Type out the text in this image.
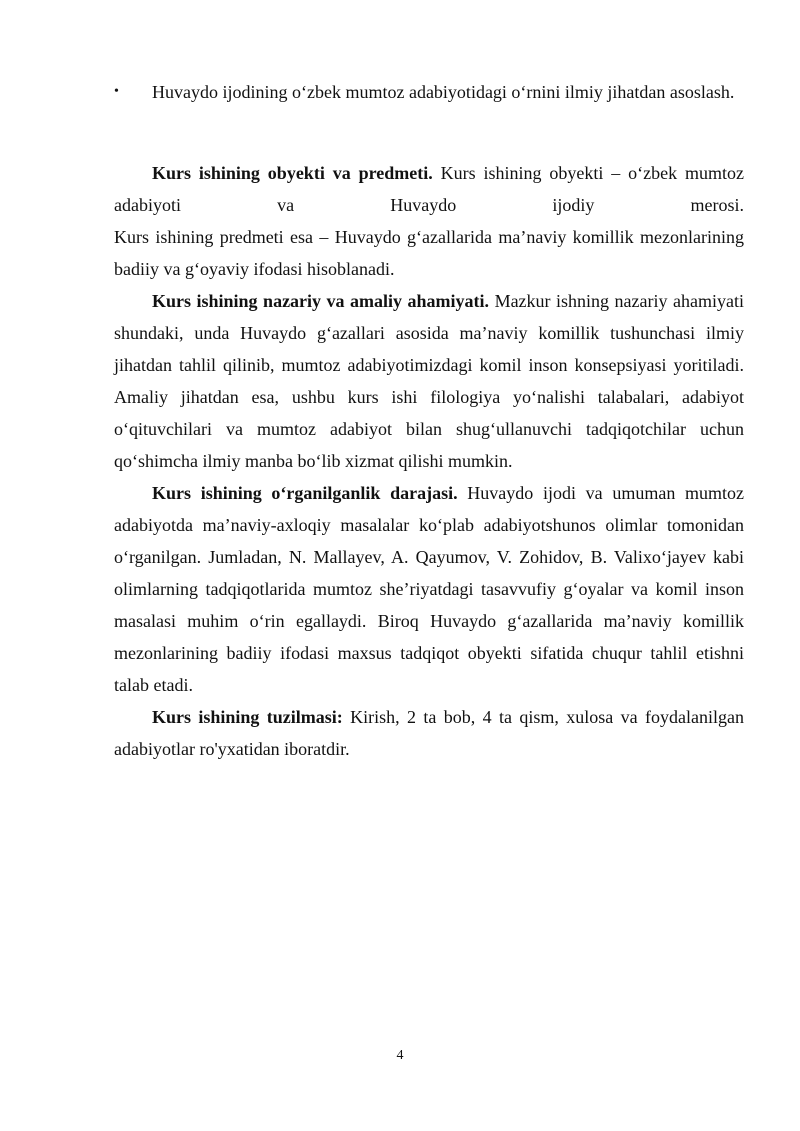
• Huvaydo ijodining o‘zbek mumtoz adabiyotidagi o‘rnini ilmiy jihatdan asoslash.

Kurs ishining obyekti va predmeti. Kurs ishining obyekti – o‘zbek mumtoz adabiyoti va Huvaydo ijodiy merosi.

Kurs ishining predmeti esa – Huvaydo g‘azallarida ma’naviy komillik mezonlarining badiiy va g‘oyaviy ifodasi hisoblanadi.

Kurs ishining nazariy va amaliy ahamiyati. Mazkur ishning nazariy ahamiyati shundaki, unda Huvaydo g‘azallari asosida ma’naviy komillik tushunchasi ilmiy jihatdan tahlil qilinib, mumtoz adabiyotimizdagi komil inson konsepsiyasi yoritiladi. Amaliy jihatdan esa, ushbu kurs ishi filologiya yo‘nalishi talabalari, adabiyot o‘qituvchilari va mumtoz adabiyot bilan shug‘ullanuvchi tadqiqotchilar uchun qo‘shimcha ilmiy manba bo‘lib xizmat qilishi mumkin.

Kurs ishining o‘rganilganlik darajasi. Huvaydo ijodi va umuman mumtoz adabiyotda ma’naviy-axloqiy masalalar ko‘plab adabiyotshunos olimlar tomonidan o‘rganilgan. Jumladan, N. Mallayev, A. Qayumov, V. Zohidov, B. Valixo‘jayev kabi olimlarning tadqiqotlarida mumtoz she’riyatdagi tasavvufiy g‘oyalar va komil inson masalasi muhim o‘rin egallaydi. Biroq Huvaydo g‘azallarida ma’naviy komillik mezonlarining badiiy ifodasi maxsus tadqiqot obyekti sifatida chuqur tahlil etishni talab etadi.

Kurs ishining tuzilmasi: Kirish, 2 ta bob, 4 ta qism, xulosa va foydalanilgan adabiyotlar ro'yxatidan iboratdir.

4
